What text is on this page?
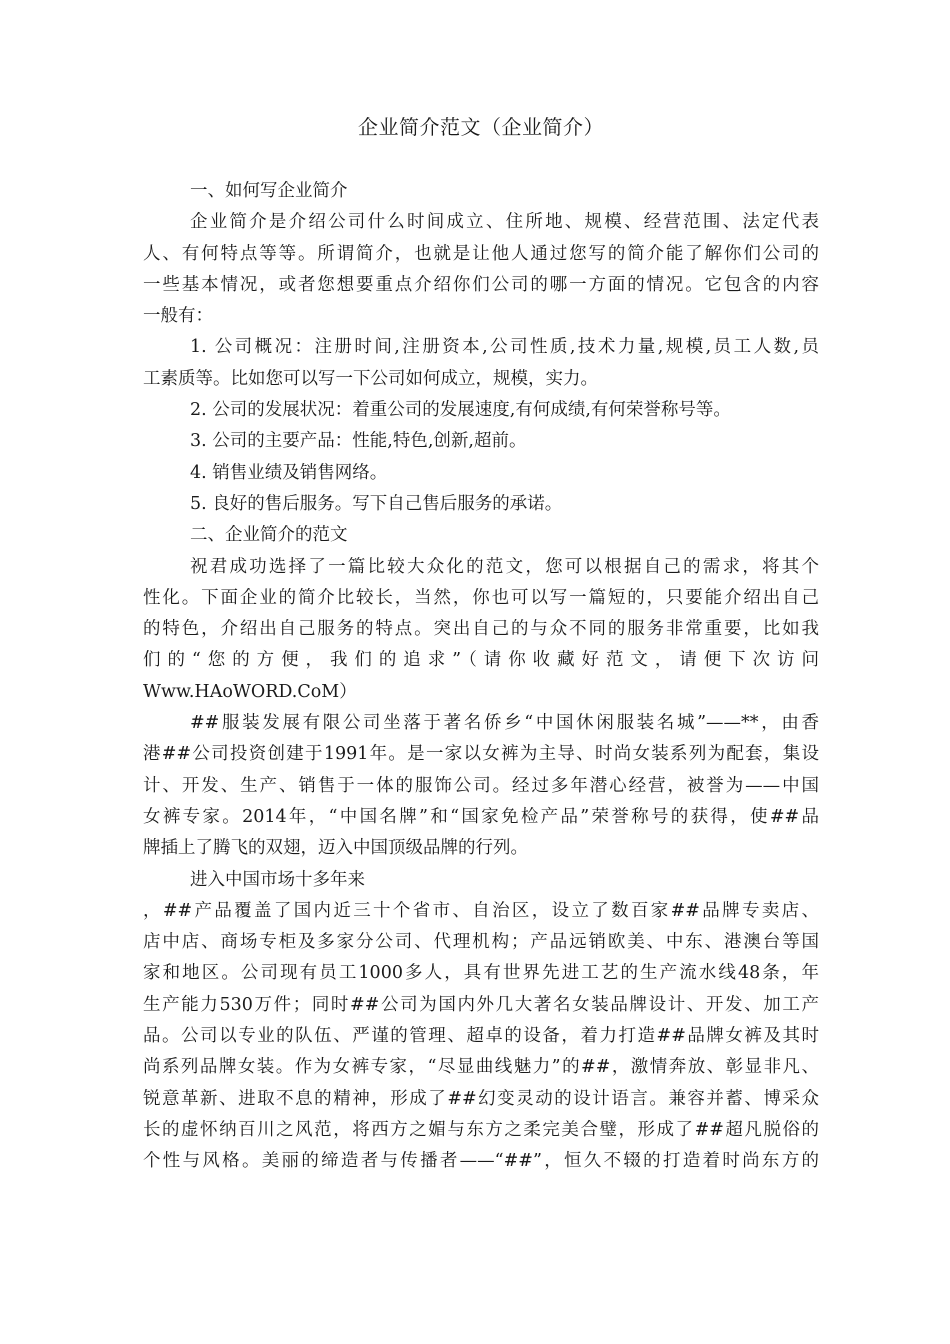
企业简介范文（企业简介）
一、如何写企业简介
企业简介是介绍公司什么时间成立、住所地、规模、经营范围、法定代表
人、有何特点等等。所谓简介，也就是让他人通过您写的简介能了解你们公司的
一些基本情况，或者您想要重点介绍你们公司的哪一方面的情况。它包含的内容
一般有：
1. 公司概况：注册时间,注册资本,公司性质,技术力量,规模,员工人数,员
工素质等。比如您可以写一下公司如何成立，规模，实力。
2. 公司的发展状况：着重公司的发展速度,有何成绩,有何荣誉称号等。
3. 公司的主要产品：性能,特色,创新,超前。
4. 销售业绩及销售网络。
5. 良好的售后服务。写下自己售后服务的承诺。
二、企业简介的范文
祝君成功选择了一篇比较大众化的范文，您可以根据自己的需求，将其个
性化。下面企业的简介比较长，当然，你也可以写一篇短的，只要能介绍出自己
的特色，介绍出自己服务的特点。突出自己的与众不同的服务非常重要，比如我
们的“您的方便，我们的追求”（请你收藏好范文，请便下次访问
Www.HAoWORD.CoM）
##服装发展有限公司坐落于著名侨乡“中国休闲服装名城”——**，由香
港##公司投资创建于1991年。是一家以女裤为主导、时尚女装系列为配套，集设
计、开发、生产、销售于一体的服饰公司。经过多年潜心经营，被誉为——中国
女裤专家。2014年，“中国名牌”和“国家免检产品”荣誉称号的获得，使##品
牌插上了腾飞的双翅，迈入中国顶级品牌的行列。
进入中国市场十多年来
，##产品覆盖了国内近三十个省市、自治区，设立了数百家##品牌专卖店、
店中店、商场专柜及多家分公司、代理机构；产品远销欧美、中东、港澳台等国
家和地区。公司现有员工1000多人，具有世界先进工艺的生产流水线48条，年
生产能力530万件；同时##公司为国内外几大著名女装品牌设计、开发、加工产
品。公司以专业的队伍、严谨的管理、超卓的设备，着力打造##品牌女裤及其时
尚系列品牌女装。作为女裤专家，“尽显曲线魅力”的##，激情奔放、彰显非凡、
锐意革新、进取不息的精神，形成了##幻变灵动的设计语言。兼容并蓄、博采众
长的虚怀纳百川之风范，将西方之媚与东方之柔完美合璧，形成了##超凡脱俗的
个性与风格。美丽的缔造者与传播者——“##”，恒久不辍的打造着时尚东方的
